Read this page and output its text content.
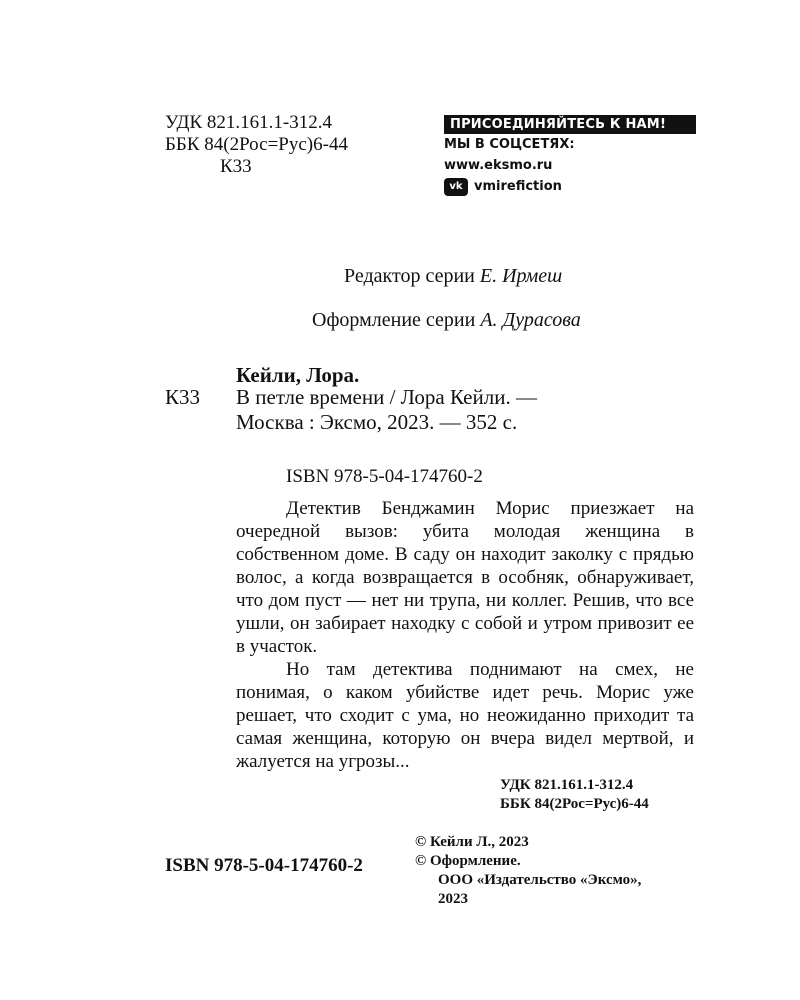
УДК 821.161.1-312.4
ББК 84(2Рос=Рус)6-44
К33
ПРИСОЕДИНЯЙТЕСЬ К НАМ!
МЫ В СОЦСЕТЯХ:
www.eksmo.ru
vk vmirefiction
Редактор серии Е. Ирмеш
Оформление серии А. Дурасова
Кейли, Лора.
К33 В петле времени / Лора Кейли. —
Москва : Эксмо, 2023. — 352 с.
ISBN 978-5-04-174760-2

Детектив Бенджамин Морис приезжает на очередной вызов: убита молодая женщина в собственном доме. В саду он находит заколку с прядью волос, а когда возвращается в особняк, обнаруживает, что дом пуст — нет ни трупа, ни коллег. Решив, что все ушли, он забирает находку с собой и утром привозит ее в участок.

Но там детектива поднимают на смех, не понимая, о каком убийстве идет речь. Морис уже решает, что сходит с ума, но неожиданно приходит та самая женщина, которую он вчера видел мертвой, и жалуется на угрозы...

УДК 821.161.1-312.4
ББК 84(2Рос=Рус)6-44
© Кейли Л., 2023
© Оформление.
ООО «Издательство «Эксмо»,
2023
ISBN 978-5-04-174760-2
